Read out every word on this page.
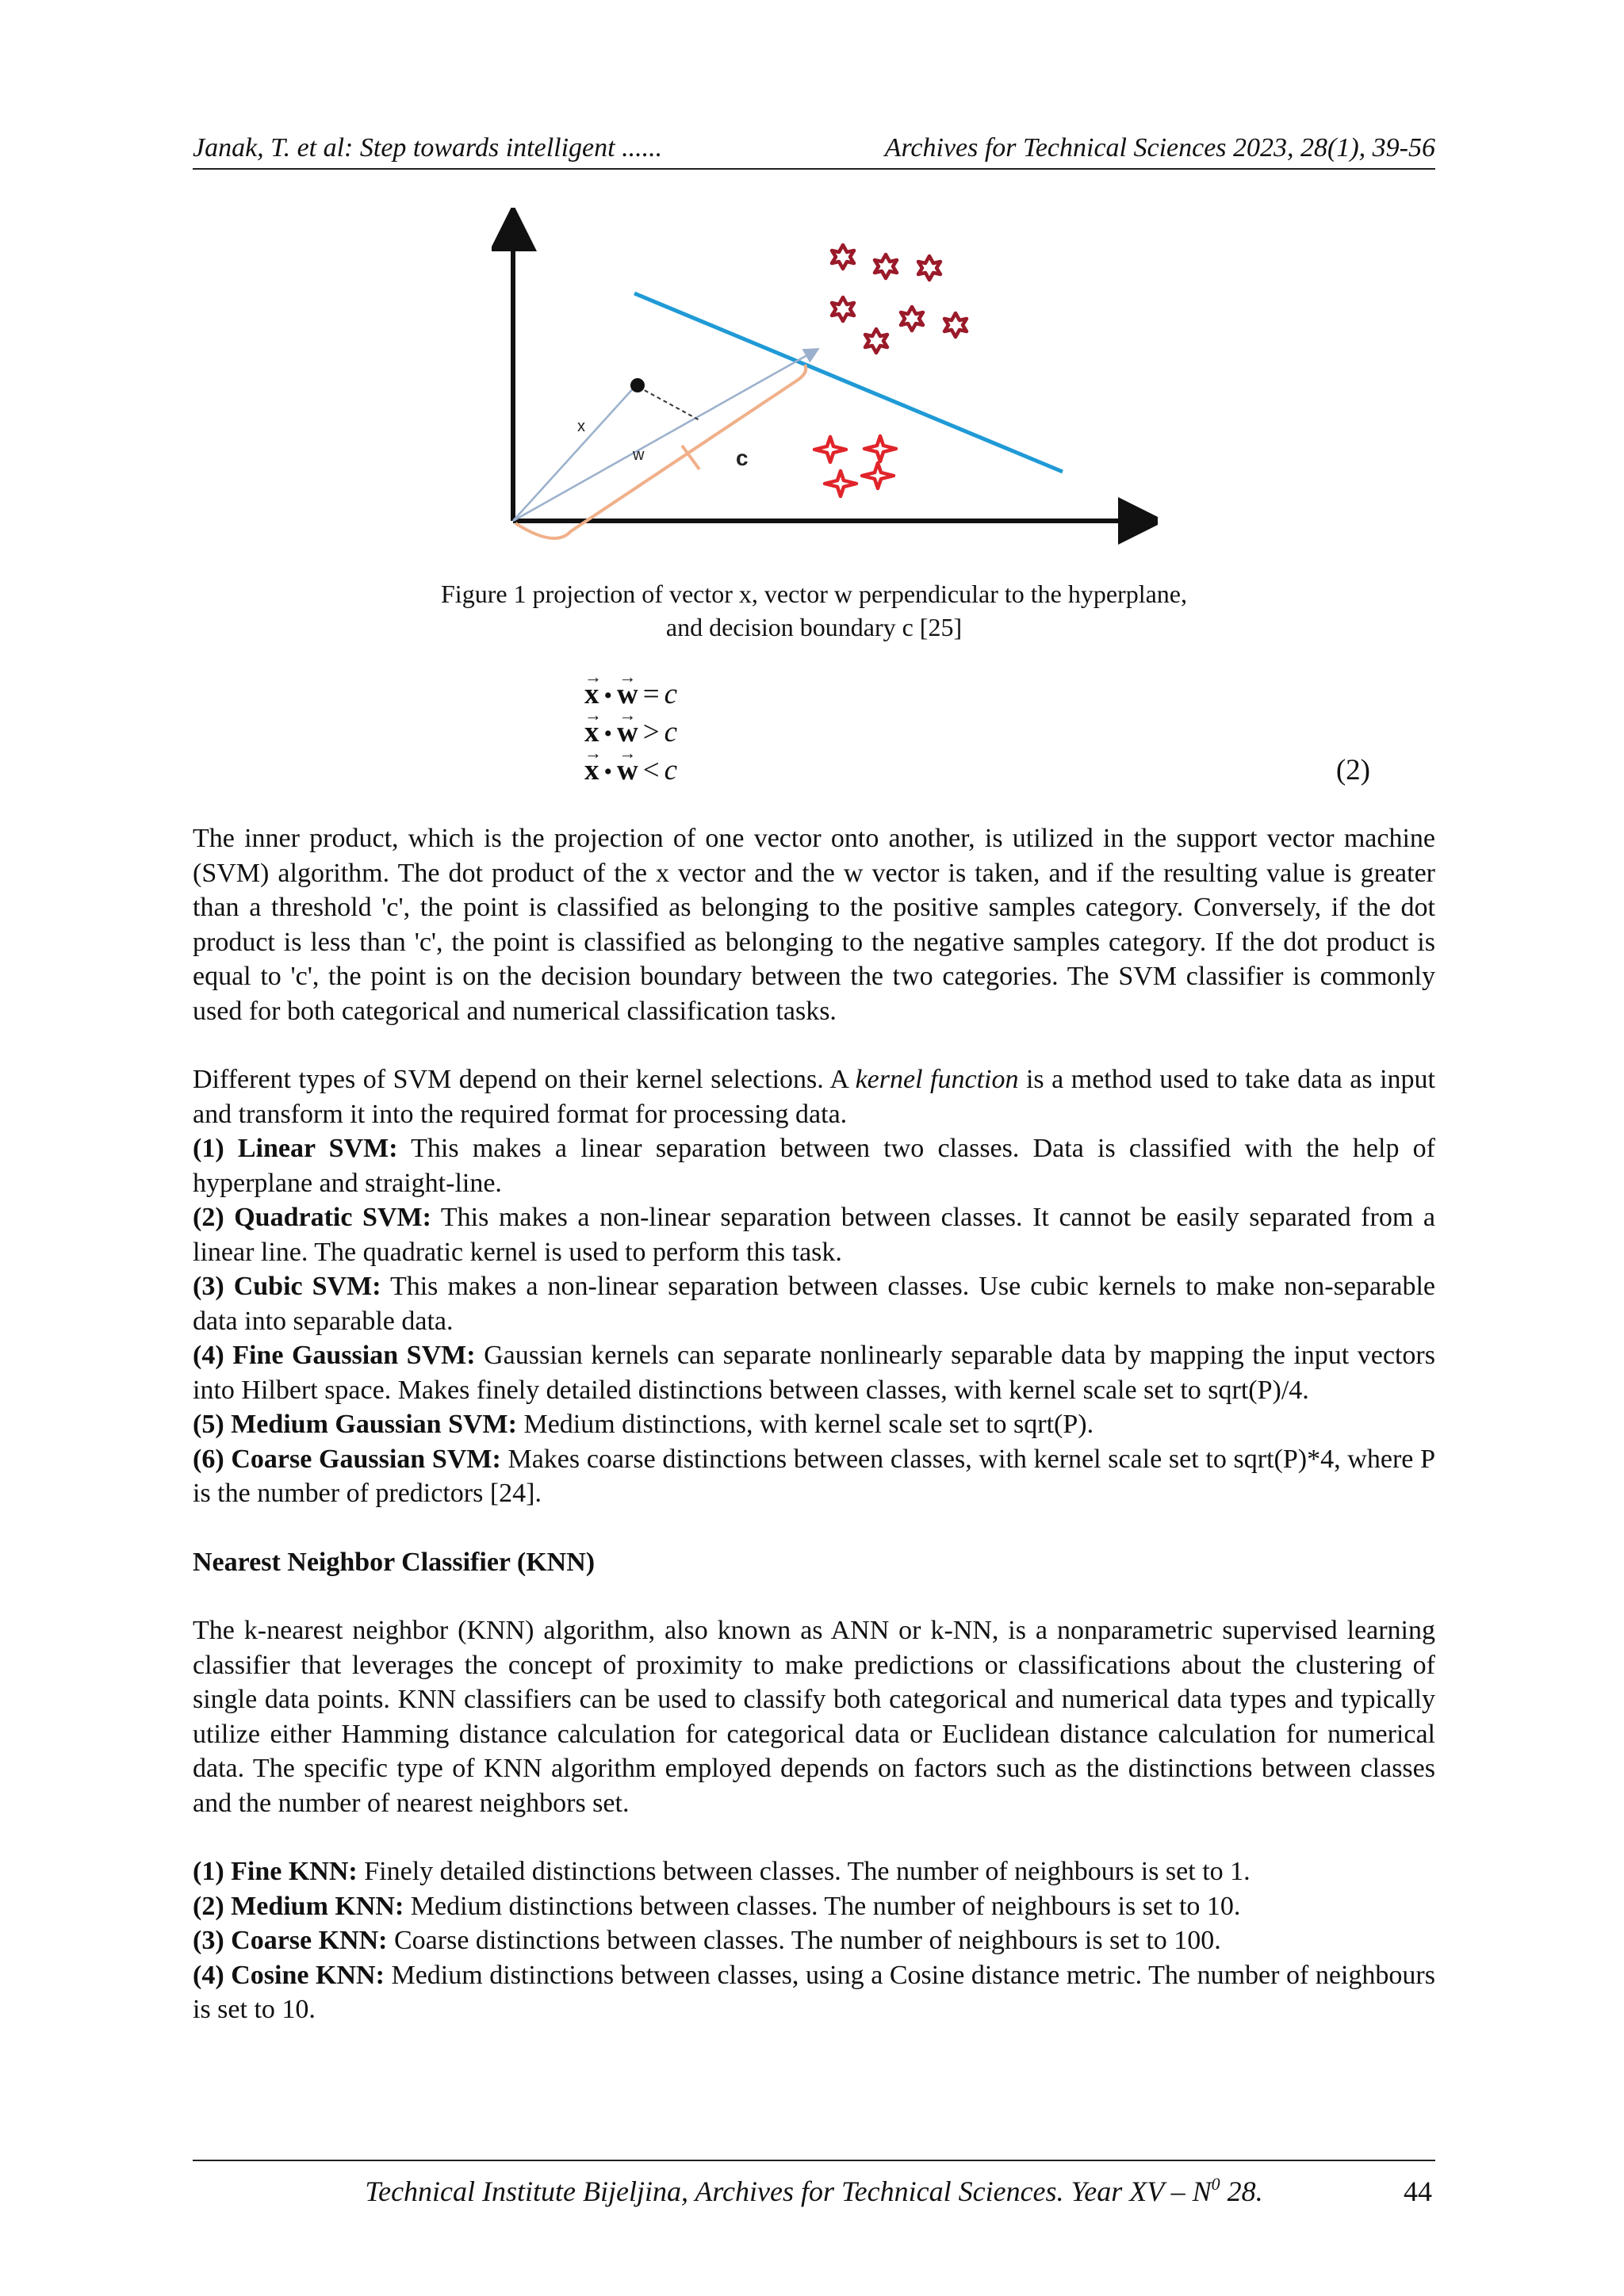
Janak, T. et al: Step towards intelligent ......	Archives for Technical Sciences 2023, 28(1), 39-56
x
w	c
Figure 1 projection of vector x, vector w perpendicular to the hyperplane,
and decision boundary c [25]
→ x • → w = c
→ x • → w > c
→ x • → w < c	(2)

The inner product, which is the projection of one vector onto another, is utilized in the support vector machine (SVM) algorithm. The dot product of the x vector and the w vector is taken, and if the resulting value is greater than a threshold 'c', the point is classified as belonging to the positive samples category. Conversely, if the dot product is less than 'c', the point is classified as belonging to the negative samples category. If the dot product is equal to 'c', the point is on the decision boundary between the two categories. The SVM classifier is commonly used for both categorical and numerical classification tasks.

Different types of SVM depend on their kernel selections. A kernel function is a method used to take data as input and transform it into the required format for processing data.

(1) Linear SVM: This makes a linear separation between two classes. Data is classified with the help of hyperplane and straight-line.

(2) Quadratic SVM: This makes a non-linear separation between classes. It cannot be easily separated from a linear line. The quadratic kernel is used to perform this task.

(3) Cubic SVM: This makes a non-linear separation between classes. Use cubic kernels to make non-separable data into separable data.

(4) Fine Gaussian SVM: Gaussian kernels can separate nonlinearly separable data by mapping the input vectors into Hilbert space. Makes finely detailed distinctions between classes, with kernel scale set to sqrt(P)/4.

(5) Medium Gaussian SVM: Medium distinctions, with kernel scale set to sqrt(P).

(6) Coarse Gaussian SVM: Makes coarse distinctions between classes, with kernel scale set to sqrt(P)*4, where P is the number of predictors [24].

Nearest Neighbor Classifier (KNN)

The k-nearest neighbor (KNN) algorithm, also known as ANN or k-NN, is a nonparametric supervised learning classifier that leverages the concept of proximity to make predictions or classifications about the clustering of single data points. KNN classifiers can be used to classify both categorical and numerical data types and typically utilize either Hamming distance calculation for categorical data or Euclidean distance calculation for numerical data. The specific type of KNN algorithm employed depends on factors such as the distinctions between classes and the number of nearest neighbors set.

(1) Fine KNN: Finely detailed distinctions between classes. The number of neighbours is set to 1.

(2) Medium KNN: Medium distinctions between classes. The number of neighbours is set to 10.

(3) Coarse KNN: Coarse distinctions between classes. The number of neighbours is set to 100.

(4) Cosine KNN: Medium distinctions between classes, using a Cosine distance metric. The number of neighbours is set to 10.

Technical Institute Bijeljina, Archives for Technical Sciences. Year XV – $N^0$ 28.	44
